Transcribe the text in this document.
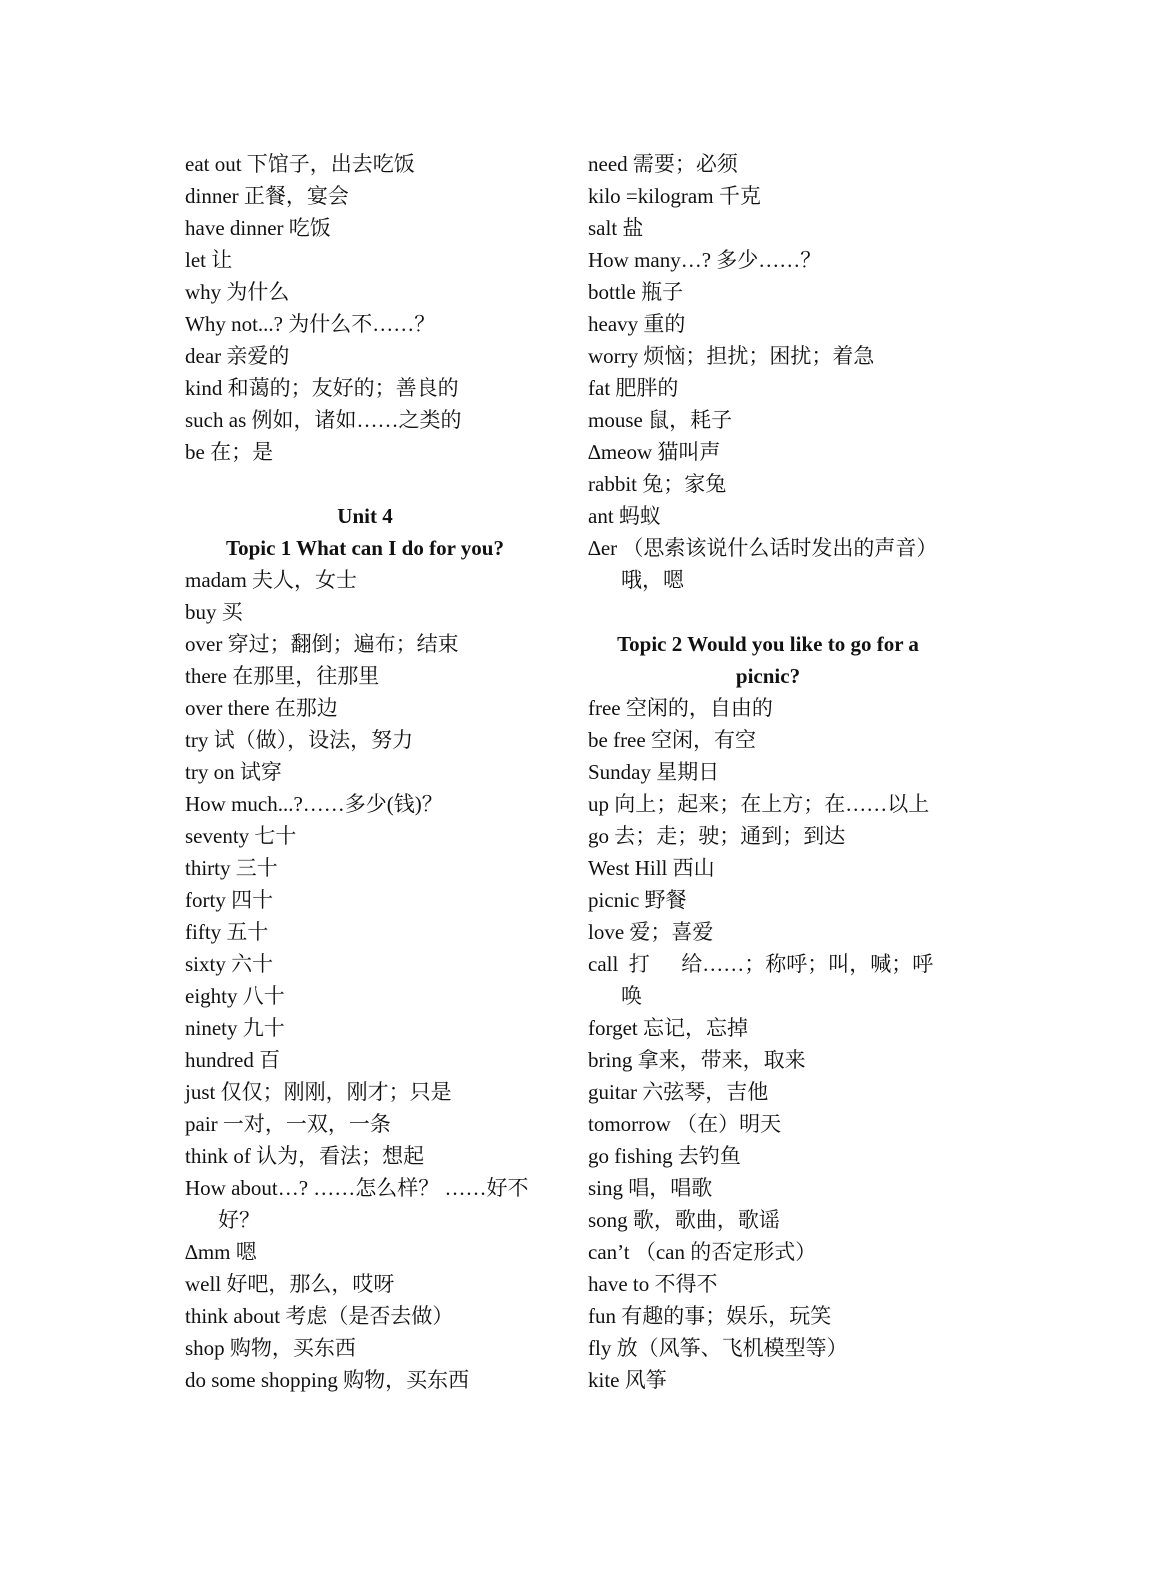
eat out 下馆子，出去吃饭
dinner 正餐，宴会
have dinner 吃饭
let 让
why 为什么
Why not...? 为什么不……？
dear 亲爱的
kind 和蔼的；友好的；善良的
such as 例如，诸如……之类的
be 在；是
Unit 4
Topic 1 What can I do for you?
madam 夫人，女士
buy 买
over 穿过；翻倒；遍布；结束
there 在那里，往那里
over there 在那边
try 试（做），设法，努力
try on 试穿
How much...?……多少(钱)？
seventy 七十
thirty 三十
forty 四十
fifty 五十
sixty 六十
eighty 八十
ninety 九十
hundred 百
just 仅仅；刚刚，刚才；只是
pair 一对，一双，一条
think of 认为，看法；想起
How about…? ……怎么样？ ……好不
好？
∆mm 嗯
well 好吧，那么，哎呀
think about 考虑（是否去做）
shop 购物，买东西
do some shopping 购物，买东西
need 需要；必须
kilo =kilogram 千克
salt 盐
How many…? 多少……？
bottle 瓶子
heavy 重的
worry 烦恼；担扰；困扰；着急
fat 肥胖的
mouse 鼠，耗子
∆meow 猫叫声
rabbit 兔；家兔
ant 蚂蚁
∆er （思索该说什么话时发出的声音）
哦，嗯
Topic 2 Would you like to go for a
picnic?
free 空闲的，自由的
be free 空闲，有空
Sunday 星期日
up 向上；起来；在上方；在……以上
go 去；走；驶；通到；到达
West Hill 西山
picnic 野餐
love 爱；喜爱
call  打      给……；称呼；叫，喊；呼
唤
forget 忘记，忘掉
bring 拿来，带来，取来
guitar 六弦琴，吉他
tomorrow （在）明天
go fishing 去钓鱼
sing 唱，唱歌
song 歌，歌曲，歌谣
can’t （can 的否定形式）
have to 不得不
fun 有趣的事；娱乐，玩笑
fly 放（风筝、飞机模型等）
kite 风筝
